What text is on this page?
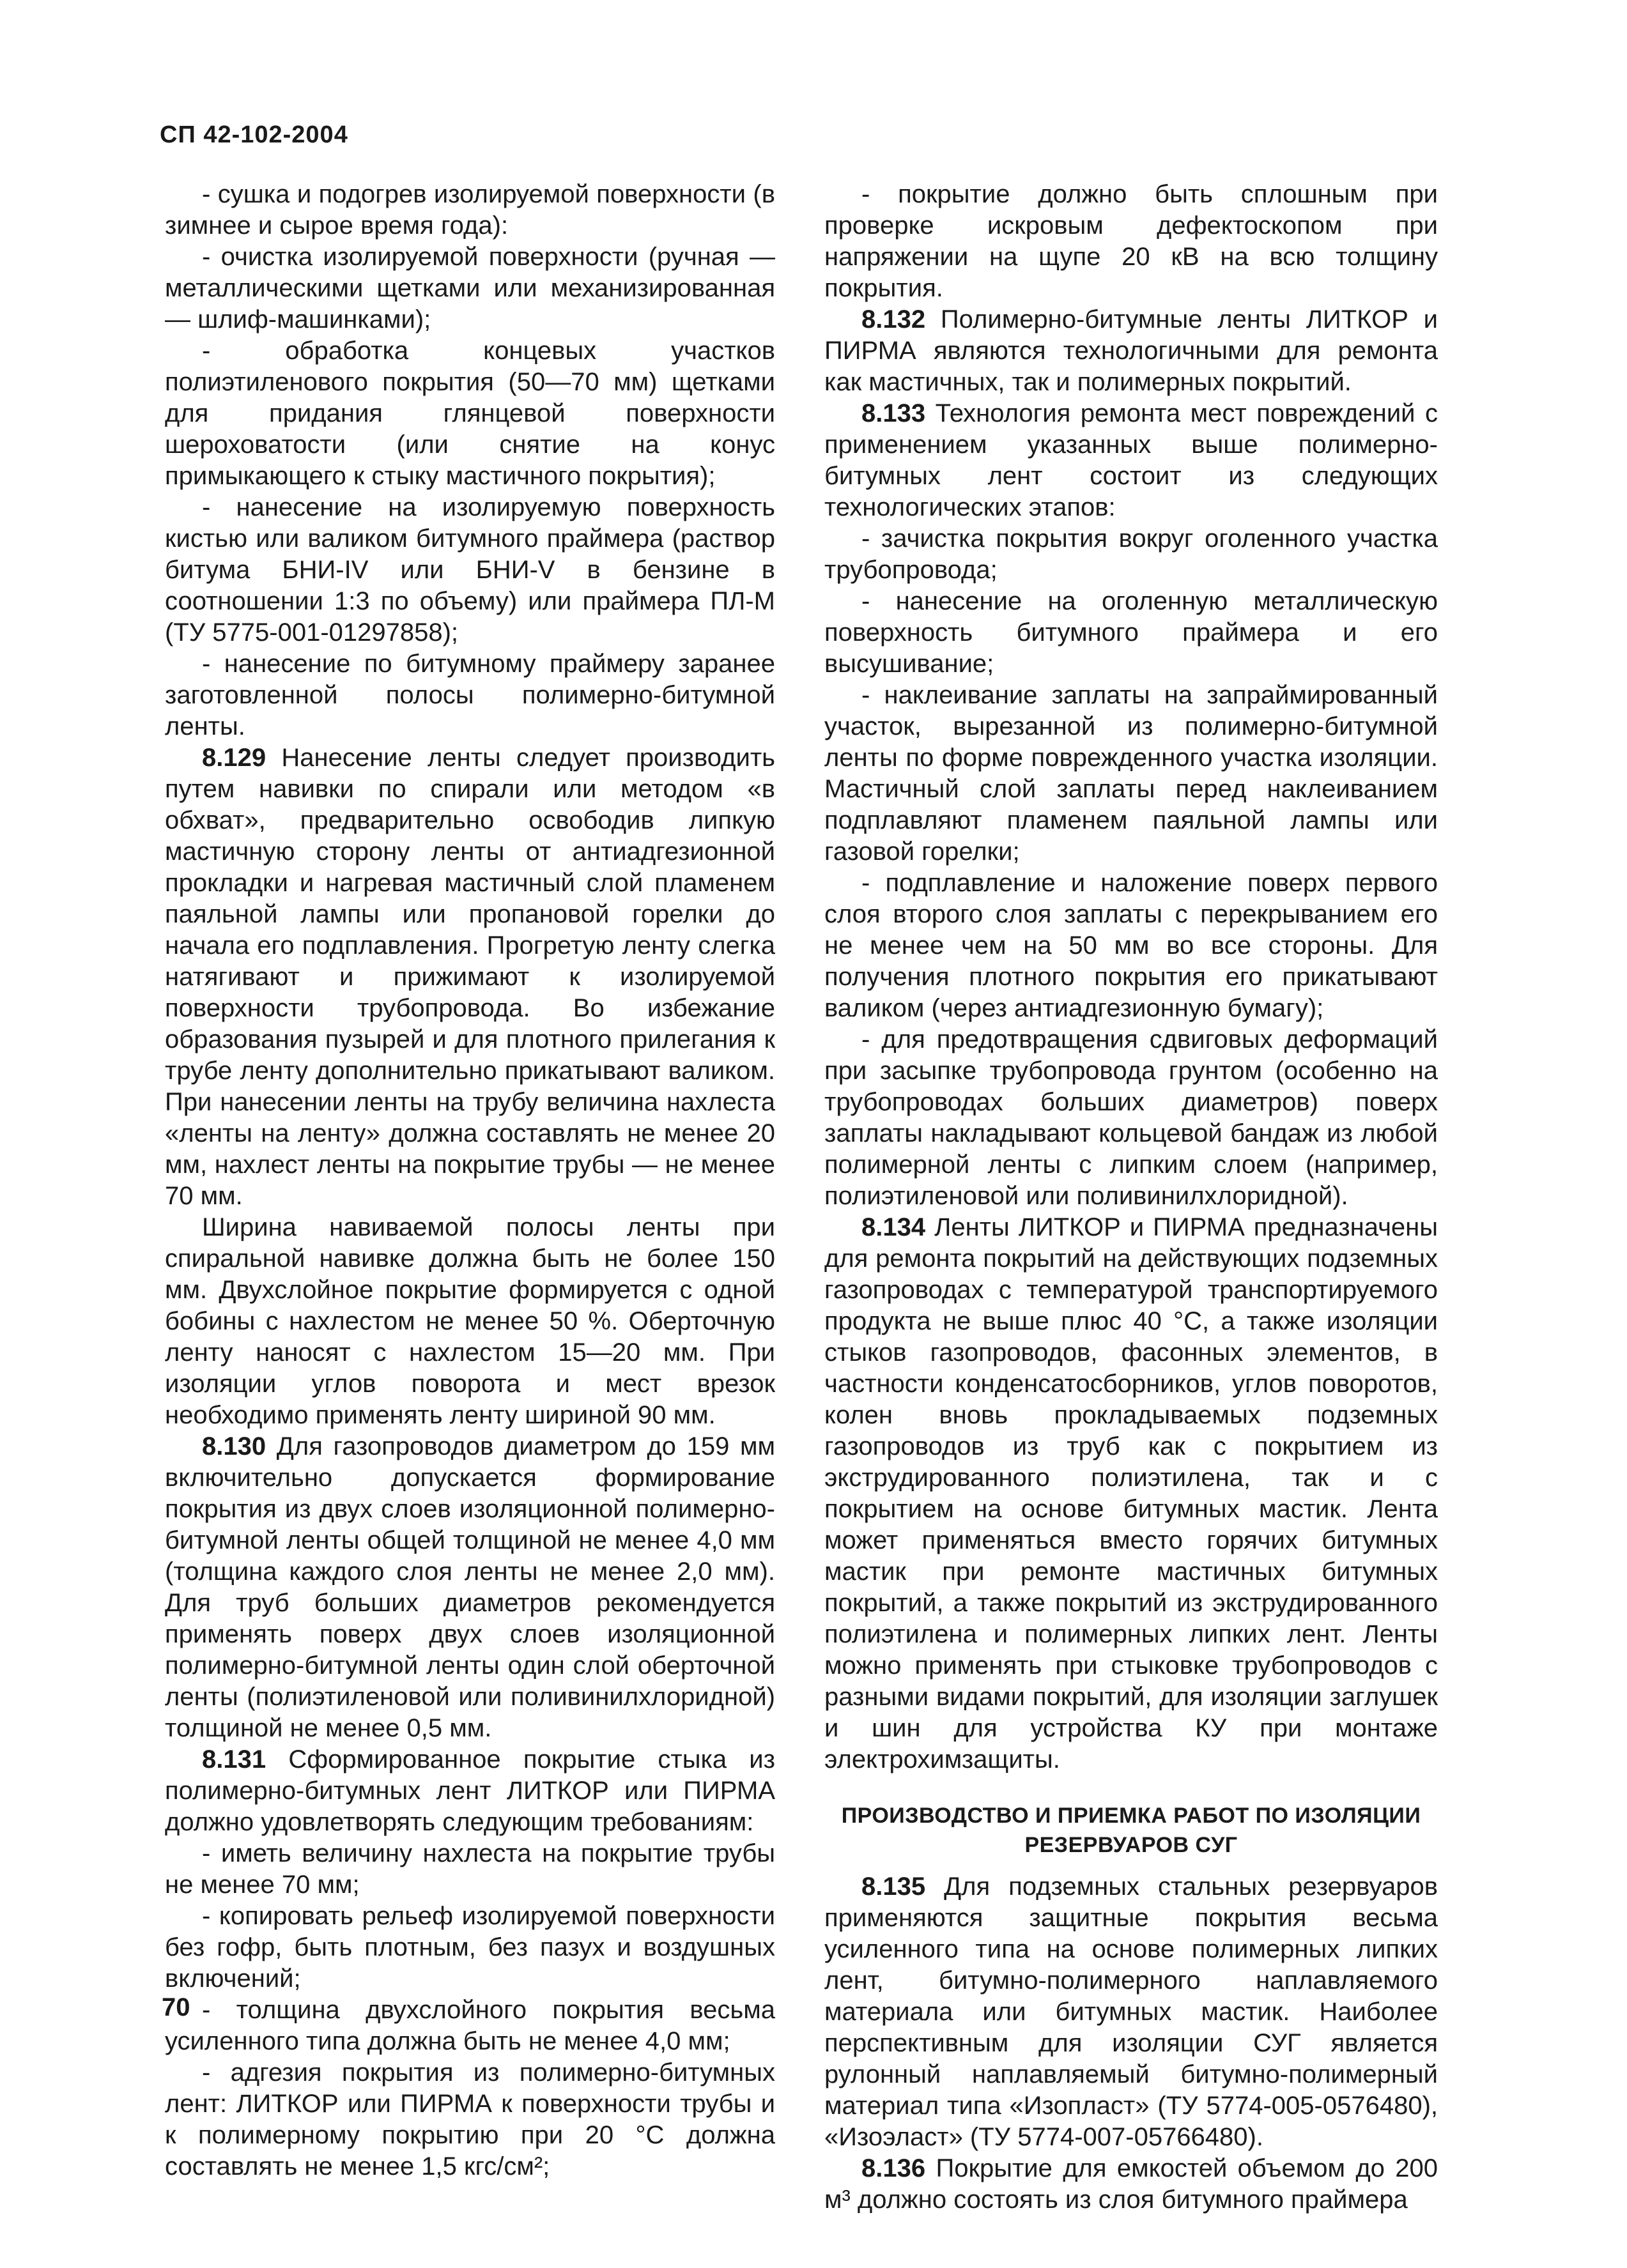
СП 42-102-2004

- сушка и подогрев изолируемой поверхности (в зимнее и сырое время года):

- очистка изолируемой поверхности (ручная — металлическими щетками или механизированная — шлиф-машинками);

- обработка концевых участков полиэтиленового покрытия (50—70 мм) щетками для придания глянцевой поверхности шероховатости (или снятие на конус примыкающего к стыку мастичного покрытия);

- нанесение на изолируемую поверхность кистью или валиком битумного праймера (раствор битума БНИ-IV или БНИ-V в бензине в соотношении 1:3 по объему) или праймера ПЛ-М (ТУ 5775-001-01297858);

- нанесение по битумному праймеру заранее заготовленной полосы полимерно-битумной ленты.

8.129 Нанесение ленты следует производить путем навивки по спирали или методом «в обхват», предварительно освободив липкую мастичную сторону ленты от антиадгезионной прокладки и нагревая мастичный слой пламенем паяльной лампы или пропановой горелки до начала его подплавления. Прогретую ленту слегка натягивают и прижимают к изолируемой поверхности трубопровода. Во избежание образования пузырей и для плотного прилегания к трубе ленту дополнительно прикатывают валиком. При нанесении ленты на трубу величина нахлеста «ленты на ленту» должна составлять не менее 20 мм, нахлест ленты на покрытие трубы — не менее 70 мм.

Ширина навиваемой полосы ленты при спиральной навивке должна быть не более 150 мм. Двухслойное покрытие формируется с одной бобины с нахлестом не менее 50 %. Оберточную ленту наносят с нахлестом 15—20 мм. При изоляции углов поворота и мест врезок необходимо применять ленту шириной 90 мм.

8.130 Для газопроводов диаметром до 159 мм включительно допускается формирование покрытия из двух слоев изоляционной полимерно-битумной ленты общей толщиной не менее 4,0 мм (толщина каждого слоя ленты не менее 2,0 мм). Для труб больших диаметров рекомендуется применять поверх двух слоев изоляционной полимерно-битумной ленты один слой оберточной ленты (полиэтиленовой или поливинилхлоридной) толщиной не менее 0,5 мм.

8.131 Сформированное покрытие стыка из полимерно-битумных лент ЛИТКОР или ПИРМА должно удовлетворять следующим требованиям:

- иметь величину нахлеста на покрытие трубы не менее 70 мм;

- копировать рельеф изолируемой поверхности без гофр, быть плотным, без пазух и воздушных включений;

- толщина двухслойного покрытия весьма усиленного типа должна быть не менее 4,0 мм;

- адгезия покрытия из полимерно-битумных лент: ЛИТКОР или ПИРМА к поверхности трубы и к полимерному покрытию при 20 °С должна составлять не менее 1,5 кгс/см²;

- покрытие должно быть сплошным при проверке искровым дефектоскопом при напряжении на щупе 20 кВ на всю толщину покрытия.

8.132 Полимерно-битумные ленты ЛИТКОР и ПИРМА являются технологичными для ремонта как мастичных, так и полимерных покрытий.

8.133 Технология ремонта мест повреждений с применением указанных выше полимерно-битумных лент состоит из следующих технологических этапов:

- зачистка покрытия вокруг оголенного участка трубопровода;

- нанесение на оголенную металлическую поверхность битумного праймера и его высушивание;

- наклеивание заплаты на запраймированный участок, вырезанной из полимерно-битумной ленты по форме поврежденного участка изоляции. Мастичный слой заплаты перед наклеиванием подплавляют пламенем паяльной лампы или газовой горелки;

- подплавление и наложение поверх первого слоя второго слоя заплаты с перекрыванием его не менее чем на 50 мм во все стороны. Для получения плотного покрытия его прикатывают валиком (через антиадгезионную бумагу);

- для предотвращения сдвиговых деформаций при засыпке трубопровода грунтом (особенно на трубопроводах больших диаметров) поверх заплаты накладывают кольцевой бандаж из любой полимерной ленты с липким слоем (например, полиэтиленовой или поливинилхлоридной).

8.134 Ленты ЛИТКОР и ПИРМА предназначены для ремонта покрытий на действующих подземных газопроводах с температурой транспортируемого продукта не выше плюс 40 °С, а также изоляции стыков газопроводов, фасонных элементов, в частности конденсатосборников, углов поворотов, колен вновь прокладываемых подземных газопроводов из труб как с покрытием из экструдированного полиэтилена, так и с покрытием на основе битумных мастик. Лента может применяться вместо горячих битумных мастик при ремонте мастичных битумных покрытий, а также покрытий из экструдированного полиэтилена и полимерных липких лент. Ленты можно применять при стыковке трубопроводов с разными видами покрытий, для изоляции заглушек и шин для устройства КУ при монтаже электрохимзащиты.

ПРОИЗВОДСТВО И ПРИЕМКА РАБОТ ПО ИЗОЛЯЦИИ РЕЗЕРВУАРОВ СУГ

8.135 Для подземных стальных резервуаров применяются защитные покрытия весьма усиленного типа на основе полимерных липких лент, битумно-полимерного наплавляемого материала или битумных мастик. Наиболее перспективным для изоляции СУГ является рулонный наплавляемый битумно-полимерный материал типа «Изопласт» (ТУ 5774-005-0576480), «Изоэласт» (ТУ 5774-007-05766480).

8.136 Покрытие для емкостей объемом до 200 м³ должно состоять из слоя битумного праймера

70
